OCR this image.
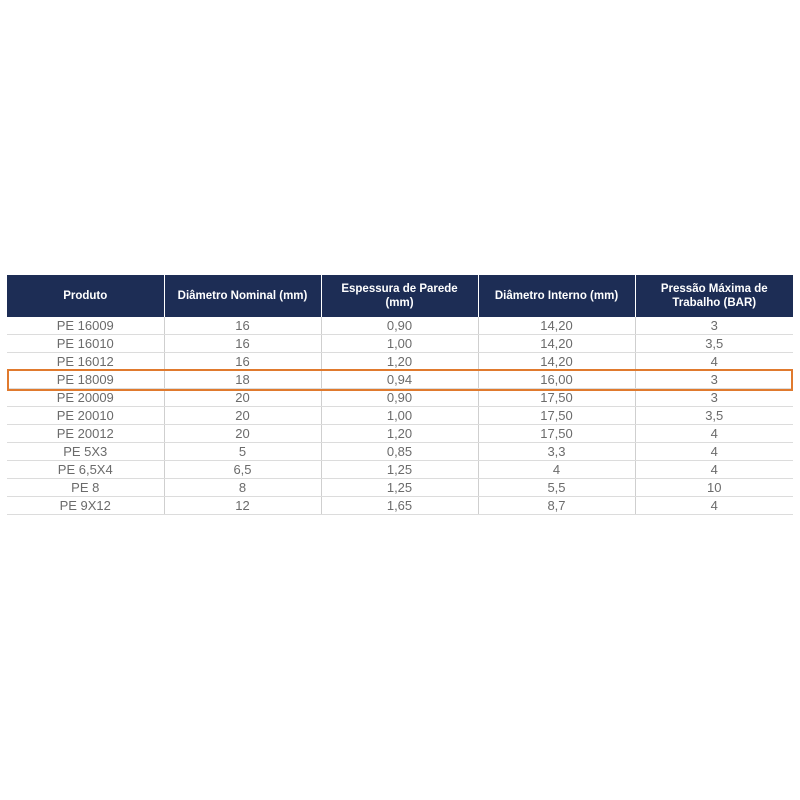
Produto	Diâmetro Nominal (mm)	Espessura de Parede (mm)	Diâmetro Interno (mm)	Pressão Máxima de Trabalho (BAR)
PE 16009	16	0,90	14,20	3
PE 16010	16	1,00	14,20	3,5
PE 16012	16	1,20	14,20	4
PE 18009	18	0,94	16,00	3
PE 20009	20	0,90	17,50	3
PE 20010	20	1,00	17,50	3,5
PE 20012	20	1,20	17,50	4
PE 5X3	5	0,85	3,3	4
PE 6,5X4	6,5	1,25	4	4
PE 8	8	1,25	5,5	10
PE 9X12	12	1,65	8,7	4
